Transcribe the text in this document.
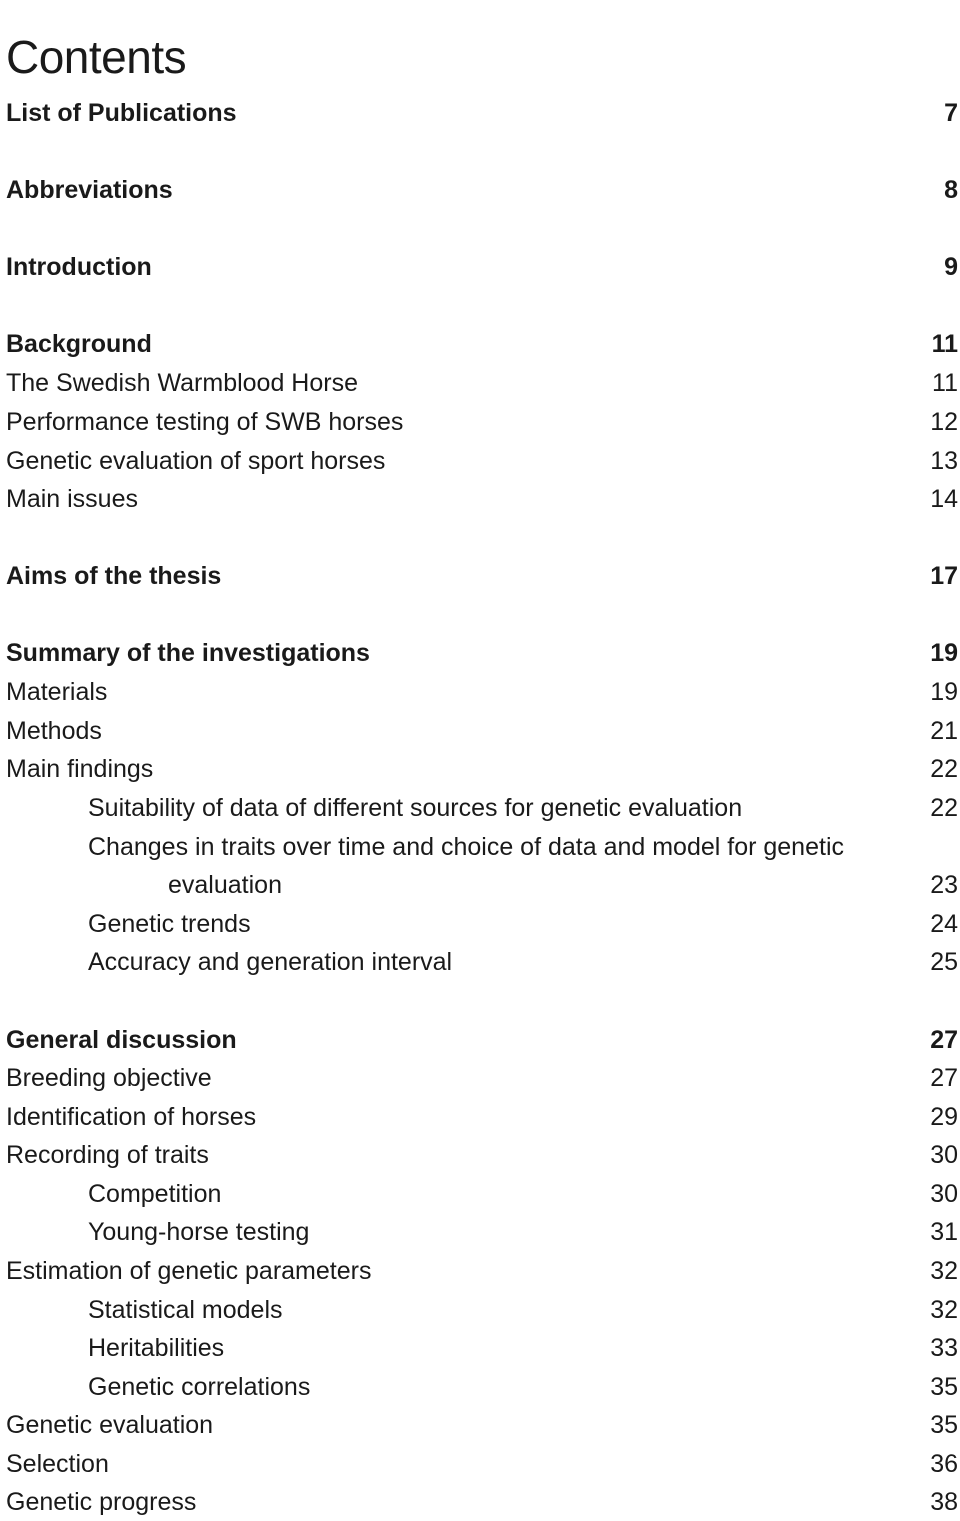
Contents
List of Publications	7
Abbreviations	8
Introduction	9
Background	11
The Swedish Warmblood Horse	11
Performance testing of SWB horses	12
Genetic evaluation of sport horses	13
Main issues	14
Aims of the thesis	17
Summary of the investigations	19
Materials	19
Methods	21
Main findings	22
Suitability of data of different sources for genetic evaluation	22
Changes in traits over time and choice of data and model for genetic
evaluation	23
Genetic trends	24
Accuracy and generation interval	25
General discussion	27
Breeding objective	27
Identification of horses	29
Recording of traits	30
Competition	30
Young-horse testing	31
Estimation of genetic parameters	32
Statistical models	32
Heritabilities	33
Genetic correlations	35
Genetic evaluation	35
Selection	36
Genetic progress	38
